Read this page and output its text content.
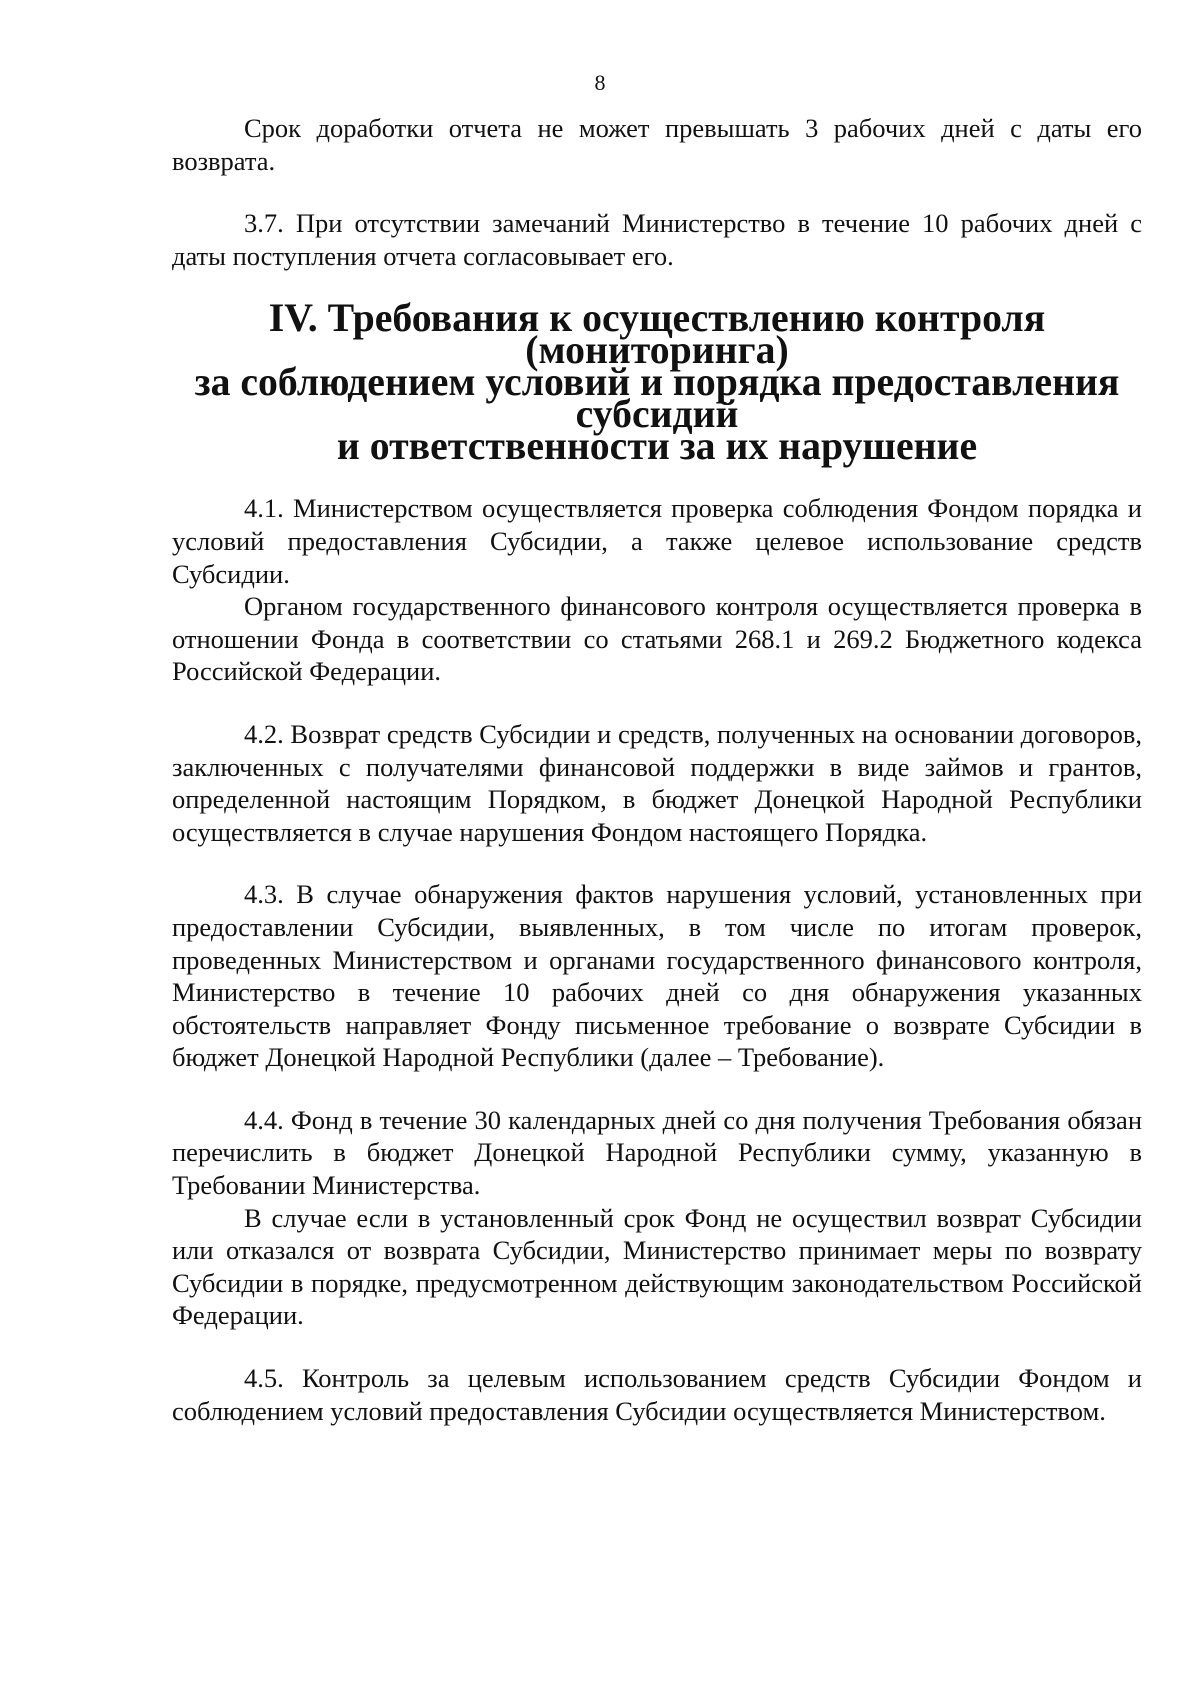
8

Срок доработки отчета не может превышать 3 рабочих дней с даты его возврата.

3.7. При отсутствии замечаний Министерство в течение 10 рабочих дней с даты поступления отчета согласовывает его.

IV. Требования к осуществлению контроля (мониторинга)
за соблюдением условий и порядка предоставления субсидий
и ответственности за их нарушение

4.1. Министерством осуществляется проверка соблюдения Фондом порядка и условий предоставления Субсидии, а также целевое использование средств Субсидии.

Органом государственного финансового контроля осуществляется проверка в отношении Фонда в соответствии со статьями 268.1 и 269.2 Бюджетного кодекса Российской Федерации.

4.2. Возврат средств Субсидии и средств, полученных на основании договоров, заключенных с получателями финансовой поддержки в виде займов и грантов, определенной настоящим Порядком, в бюджет Донецкой Народной Республики осуществляется в случае нарушения Фондом настоящего Порядка.

4.3. В случае обнаружения фактов нарушения условий, установленных при предоставлении Субсидии, выявленных, в том числе по итогам проверок, проведенных Министерством и органами государственного финансового контроля, Министерство в течение 10 рабочих дней со дня обнаружения указанных обстоятельств направляет Фонду письменное требование о возврате Субсидии в бюджет Донецкой Народной Республики (далее – Требование).

4.4. Фонд в течение 30 календарных дней со дня получения Требования обязан перечислить в бюджет Донецкой Народной Республики сумму, указанную в Требовании Министерства.

В случае если в установленный срок Фонд не осуществил возврат Субсидии или отказался от возврата Субсидии, Министерство принимает меры по возврату Субсидии в порядке, предусмотренном действующим законодательством Российской Федерации.

4.5. Контроль за целевым использованием средств Субсидии Фондом и соблюдением условий предоставления Субсидии осуществляется Министерством.
